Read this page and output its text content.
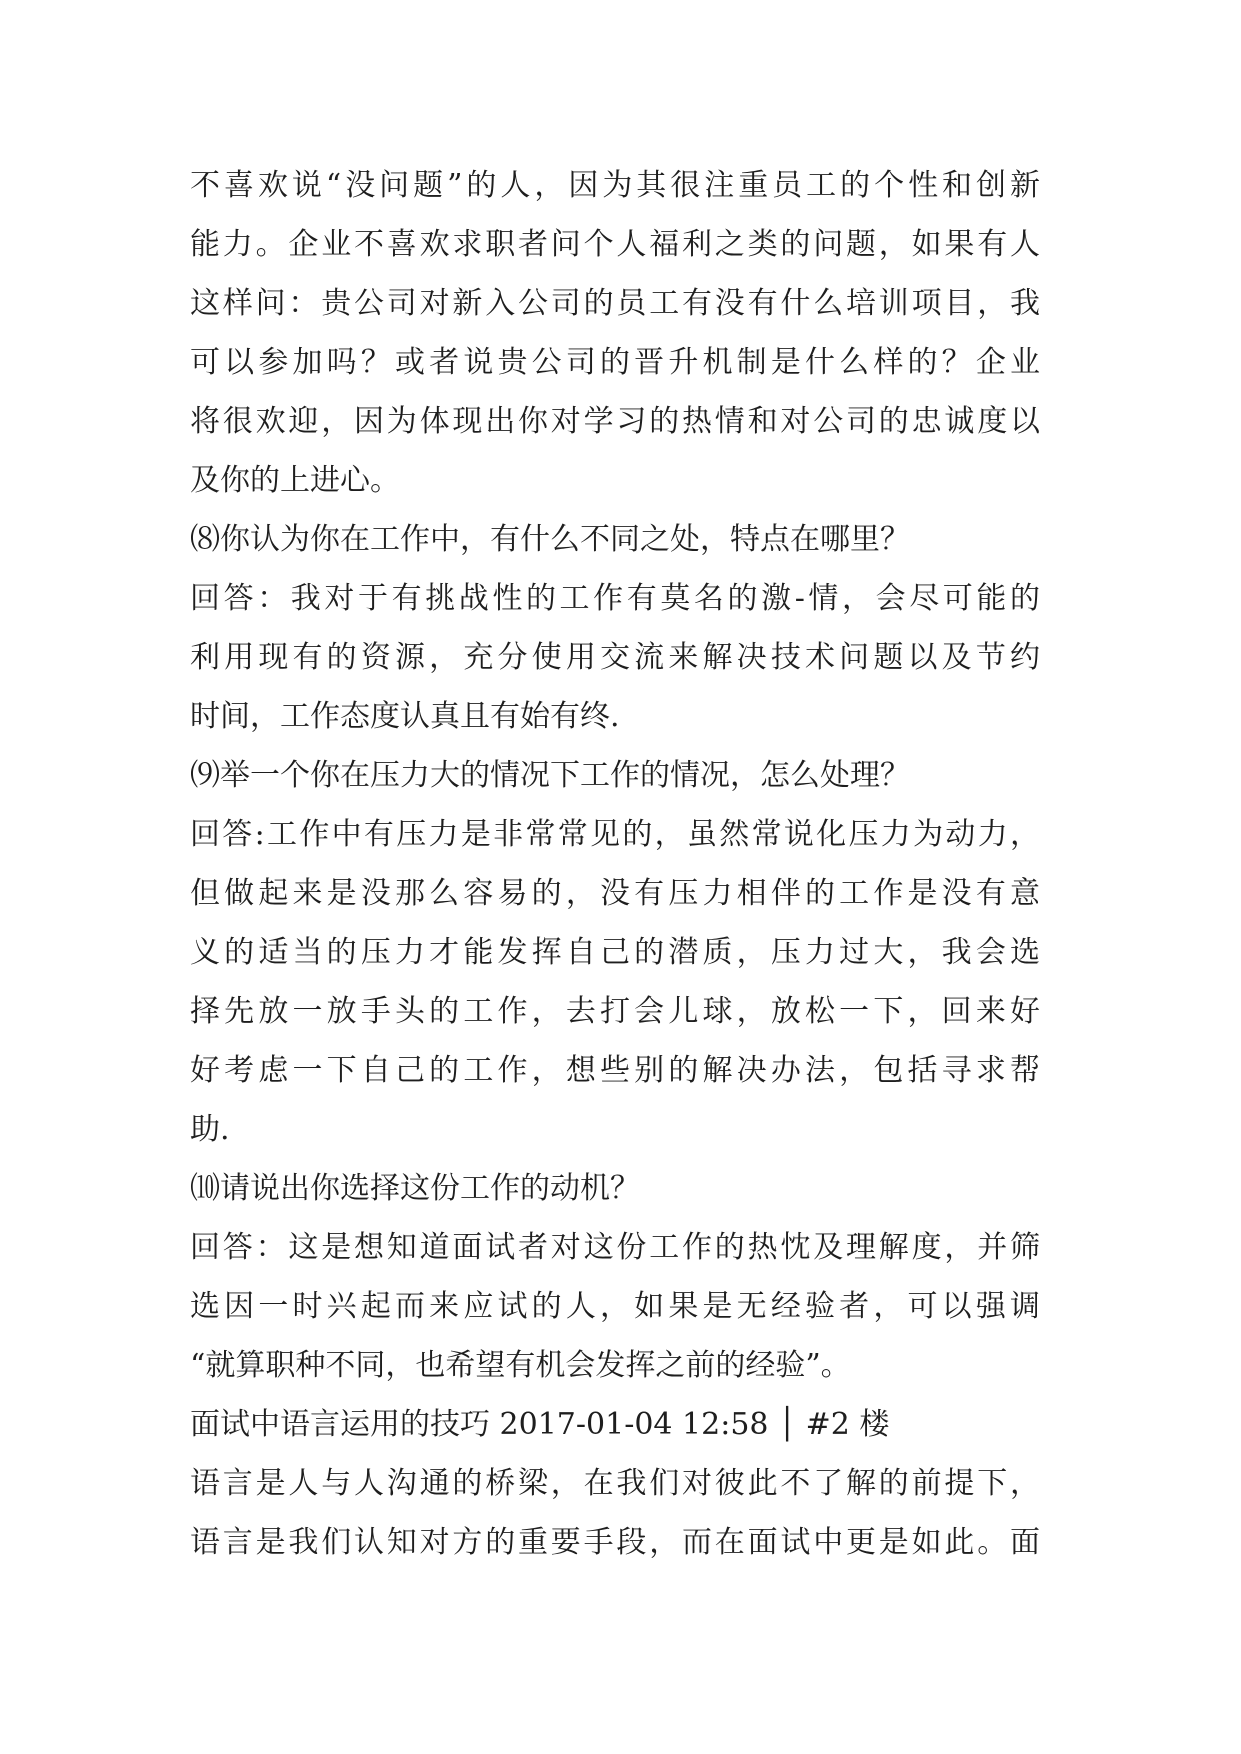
不喜欢说“没问题”的人，因为其很注重员工的个性和创新
能力。企业不喜欢求职者问个人福利之类的问题，如果有人
这样问：贵公司对新入公司的员工有没有什么培训项目，我
可以参加吗？或者说贵公司的晋升机制是什么样的？企业
将很欢迎，因为体现出你对学习的热情和对公司的忠诚度以
及你的上进心。
⑻你认为你在工作中，有什么不同之处，特点在哪里？
回答：我对于有挑战性的工作有莫名的激-情，会尽可能的
利用现有的资源，充分使用交流来解决技术问题以及节约
时间，工作态度认真且有始有终.
⑼举一个你在压力大的情况下工作的情况，怎么处理？
回答:工作中有压力是非常常见的，虽然常说化压力为动力，
但做起来是没那么容易的，没有压力相伴的工作是没有意
义的适当的压力才能发挥自己的潜质，压力过大，我会选
择先放一放手头的工作，去打会儿球，放松一下，回来好
好考虑一下自己的工作，想些别的解决办法，包括寻求帮
助.
⑽请说出你选择这份工作的动机？
回答：这是想知道面试者对这份工作的热忱及理解度，并筛
选因一时兴起而来应试的人，如果是无经验者，可以强调
“就算职种不同，也希望有机会发挥之前的经验”。
面试中语言运用的技巧 2017-01-04 12:58 │ #2 楼
语言是人与人沟通的桥梁，在我们对彼此不了解的前提下，
语言是我们认知对方的重要手段，而在面试中更是如此。面
